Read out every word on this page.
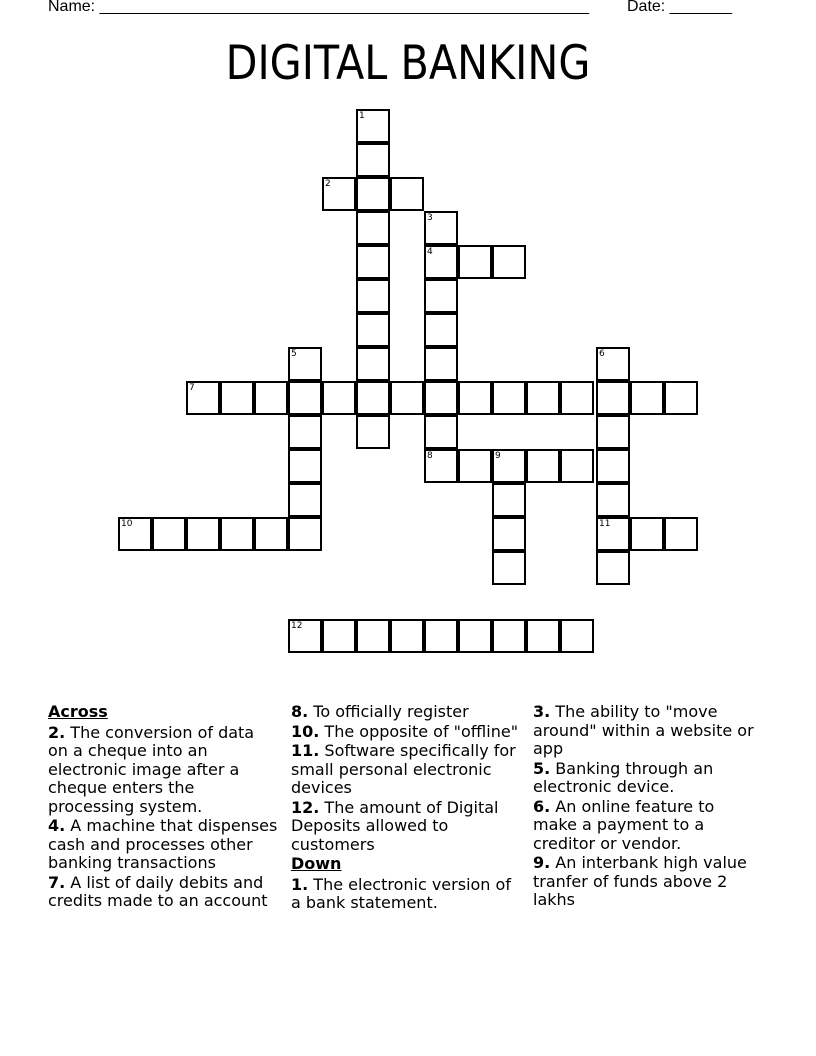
Name: _______________________________________________________ Date: _______
DIGITAL BANKING
1
2
3
4
5	6
7
8	9
10	11
12
Across
2. The conversion of data on a cheque into an electronic image after a cheque enters the processing system.
4. A machine that dispenses cash and processes other banking transactions
7. A list of daily debits and credits made to an account
8. To officially register
10. The opposite of "offline"
11. Software specifically for small personal electronic devices
12. The amount of Digital Deposits allowed to customers
Down
1. The electronic version of a bank statement.
3. The ability to "move around" within a website or app
5. Banking through an electronic device.
6. An online feature to make a payment to a creditor or vendor.
9. An interbank high value tranfer of funds above 2 lakhs
